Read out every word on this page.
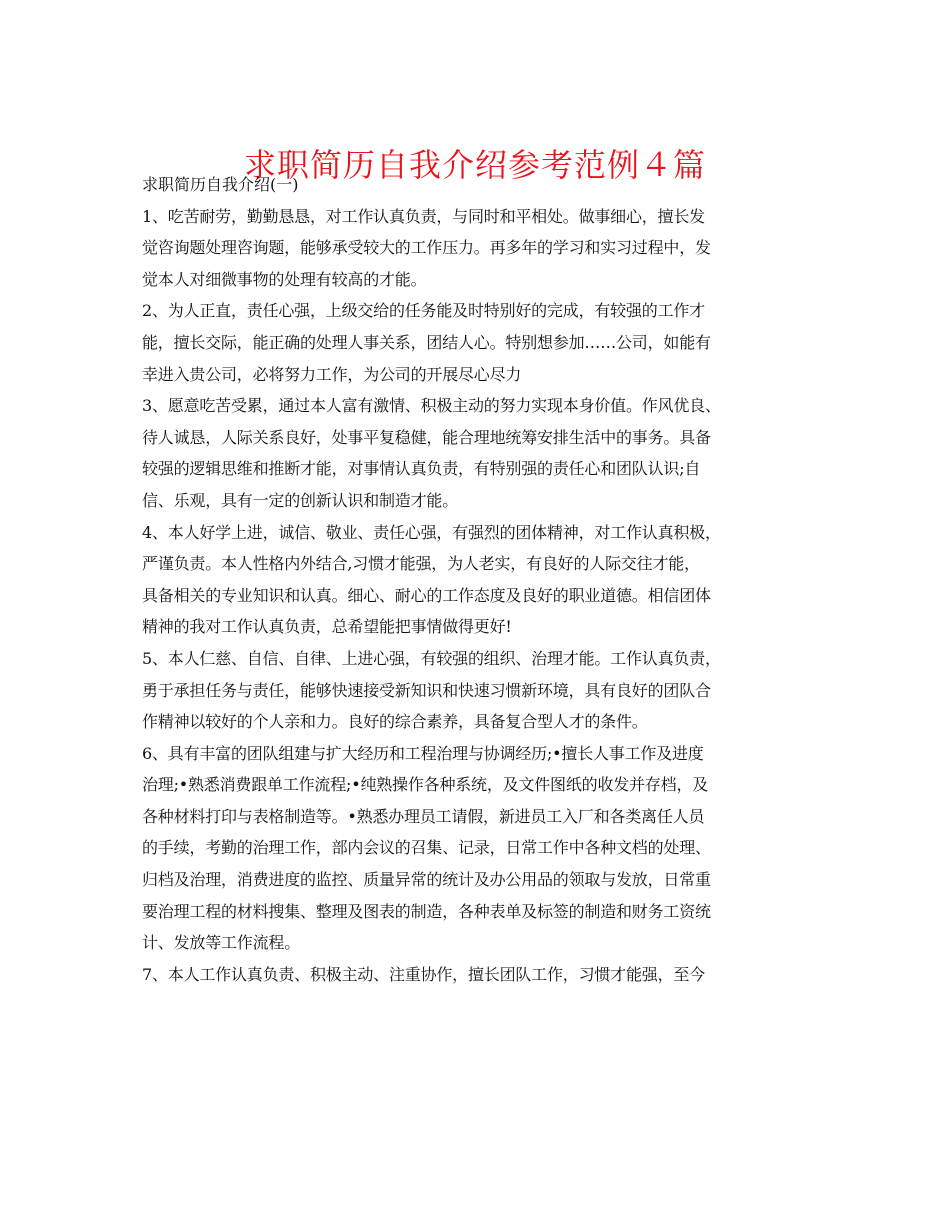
求职简历自我介绍参考范例４篇
求职简历自我介绍(一)
1、吃苦耐劳，勤勤恳恳，对工作认真负责，与同时和平相处。做事细心，擅长发
觉咨询题处理咨询题，能够承受较大的工作压力。再多年的学习和实习过程中，发
觉本人对细微事物的处理有较高的才能。
2、为人正直，责任心强，上级交给的任务能及时特别好的完成，有较强的工作才
能，擅长交际，能正确的处理人事关系，团结人心。特别想参加……公司，如能有
幸进入贵公司，必将努力工作，为公司的开展尽心尽力
3、愿意吃苦受累，通过本人富有激情、积极主动的努力实现本身价值。作风优良、
待人诚恳，人际关系良好，处事平复稳健，能合理地统筹安排生活中的事务。具备
较强的逻辑思维和推断才能，对事情认真负责，有特别强的责任心和团队认识;自
信、乐观，具有一定的创新认识和制造才能。
4、本人好学上进，诚信、敬业、责任心强，有强烈的团体精神，对工作认真积极，
严谨负责。本人性格内外结合,习惯才能强，为人老实，有良好的人际交往才能，
具备相关的专业知识和认真。细心、耐心的工作态度及良好的职业道德。相信团体
精神的我对工作认真负责，总希望能把事情做得更好!
5、本人仁慈、自信、自律、上进心强，有较强的组织、治理才能。工作认真负责，
勇于承担任务与责任，能够快速接受新知识和快速习惯新环境，具有良好的团队合
作精神以较好的个人亲和力。良好的综合素养，具备复合型人才的条件。
6、具有丰富的团队组建与扩大经历和工程治理与协调经历;•擅长人事工作及进度
治理;•熟悉消费跟单工作流程;•纯熟操作各种系统，及文件图纸的收发并存档，及
各种材料打印与表格制造等。•熟悉办理员工请假，新进员工入厂和各类离任人员
的手续，考勤的治理工作，部内会议的召集、记录，日常工作中各种文档的处理、
归档及治理，消费进度的监控、质量异常的统计及办公用品的领取与发放，日常重
要治理工程的材料搜集、整理及图表的制造，各种表单及标签的制造和财务工资统
计、发放等工作流程。
7、本人工作认真负责、积极主动、注重协作，擅长团队工作，习惯才能强，至今
